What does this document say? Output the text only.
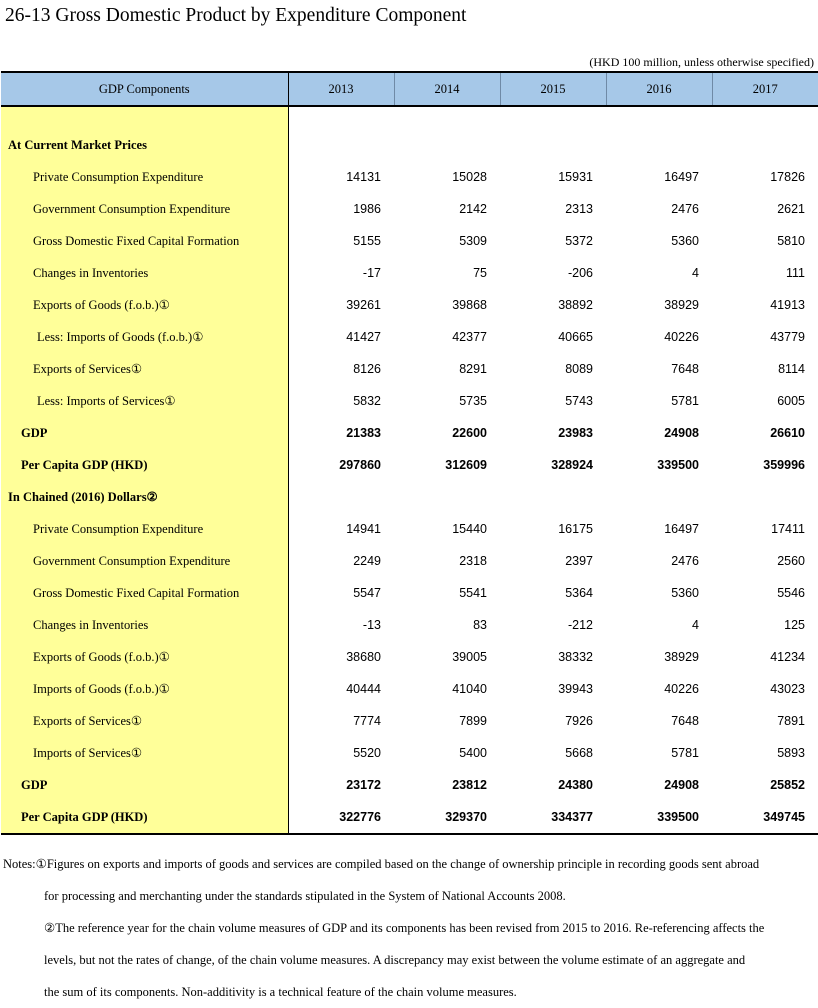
26-13 Gross Domestic Product by Expenditure Component
(HKD 100 million, unless otherwise specified)
GDP Components	2013	2014	2015	2016	2017

At Current Market Prices					
Private Consumption Expenditure	14131	15028	15931	16497	17826
Government Consumption Expenditure	1986	2142	2313	2476	2621
Gross Domestic Fixed Capital Formation	5155	5309	5372	5360	5810
Changes in Inventories	-17	75	-206	4	111
Exports of Goods (f.o.b.)①	39261	39868	38892	38929	41913
Less: Imports of Goods (f.o.b.)①	41427	42377	40665	40226	43779
Exports of Services①	8126	8291	8089	7648	8114
Less: Imports of Services①	5832	5735	5743	5781	6005
GDP	21383	22600	23983	24908	26610
Per Capita GDP (HKD)	297860	312609	328924	339500	359996
In Chained (2016) Dollars②					
Private Consumption Expenditure	14941	15440	16175	16497	17411
Government Consumption Expenditure	2249	2318	2397	2476	2560
Gross Domestic Fixed Capital Formation	5547	5541	5364	5360	5546
Changes in Inventories	-13	83	-212	4	125
Exports of Goods (f.o.b.)①	38680	39005	38332	38929	41234
Imports of Goods (f.o.b.)①	40444	41040	39943	40226	43023
Exports of Services①	7774	7899	7926	7648	7891
Imports of Services①	5520	5400	5668	5781	5893
GDP	23172	23812	24380	24908	25852
Per Capita GDP (HKD)	322776	329370	334377	339500	349745

Notes:①Figures on exports and imports of goods and services are compiled based on the change of ownership principle in recording goods sent abroad

for processing and merchanting under the standards stipulated in the System of National Accounts 2008.

②The reference year for the chain volume measures of GDP and its components has been revised from 2015 to 2016. Re-referencing affects the

levels, but not the rates of change, of the chain volume measures. A discrepancy may exist between the volume estimate of an aggregate and

the sum of its components. Non-additivity is a technical feature of the chain volume measures.
